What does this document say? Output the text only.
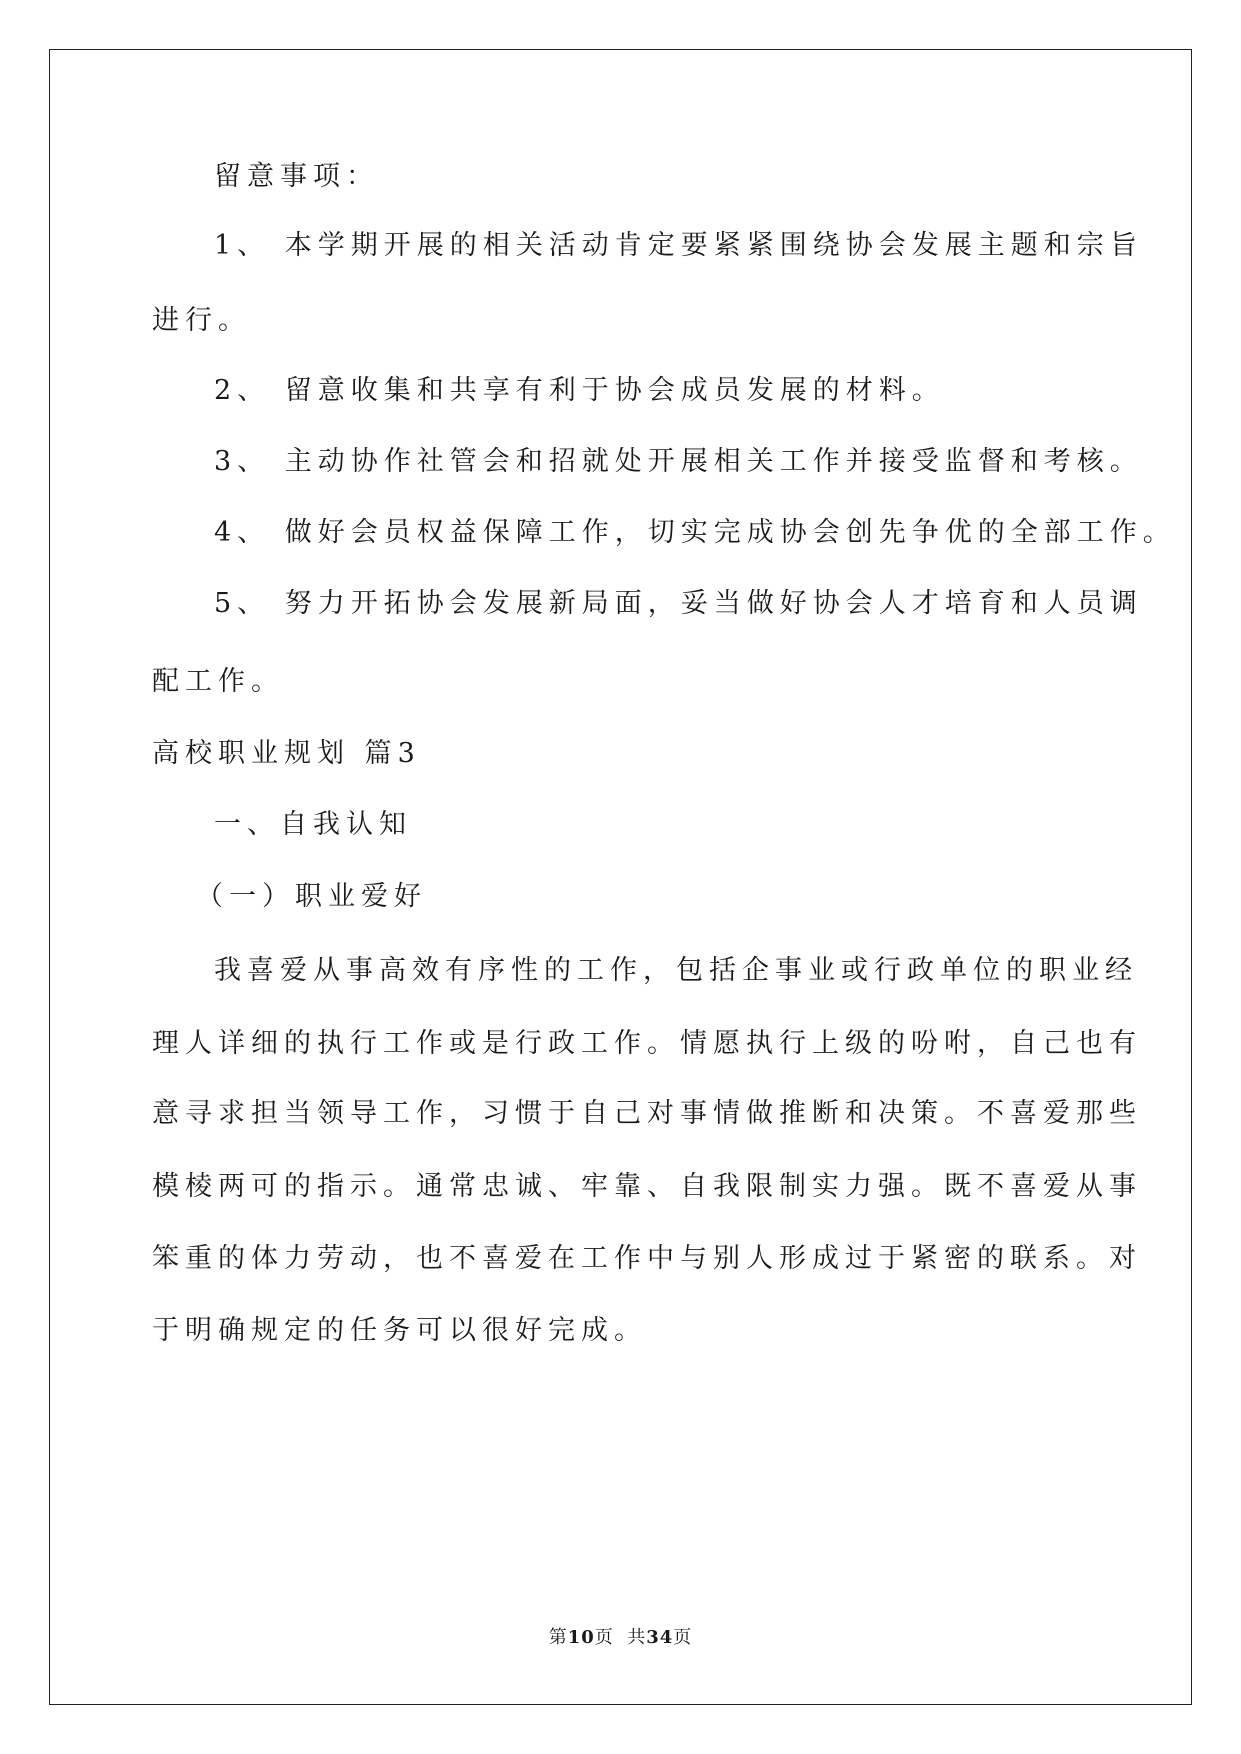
留意事项：
1、 本学期开展的相关活动肯定要紧紧围绕协会发展主题和宗旨
进行。
2、 留意收集和共享有利于协会成员发展的材料。
3、 主动协作社管会和招就处开展相关工作并接受监督和考核。
4、 做好会员权益保障工作，切实完成协会创先争优的全部工作。
5、 努力开拓协会发展新局面，妥当做好协会人才培育和人员调
配工作。
高校职业规划 篇3
一、自我认知
（一）职业爱好
我喜爱从事高效有序性的工作，包括企事业或行政单位的职业经
理人详细的执行工作或是行政工作。情愿执行上级的吩咐，自己也有
意寻求担当领导工作，习惯于自己对事情做推断和决策。不喜爱那些
模棱两可的指示。通常忠诚、牢靠、自我限制实力强。既不喜爱从事
笨重的体力劳动，也不喜爱在工作中与别人形成过于紧密的联系。对
于明确规定的任务可以很好完成。
第10页  共34页
